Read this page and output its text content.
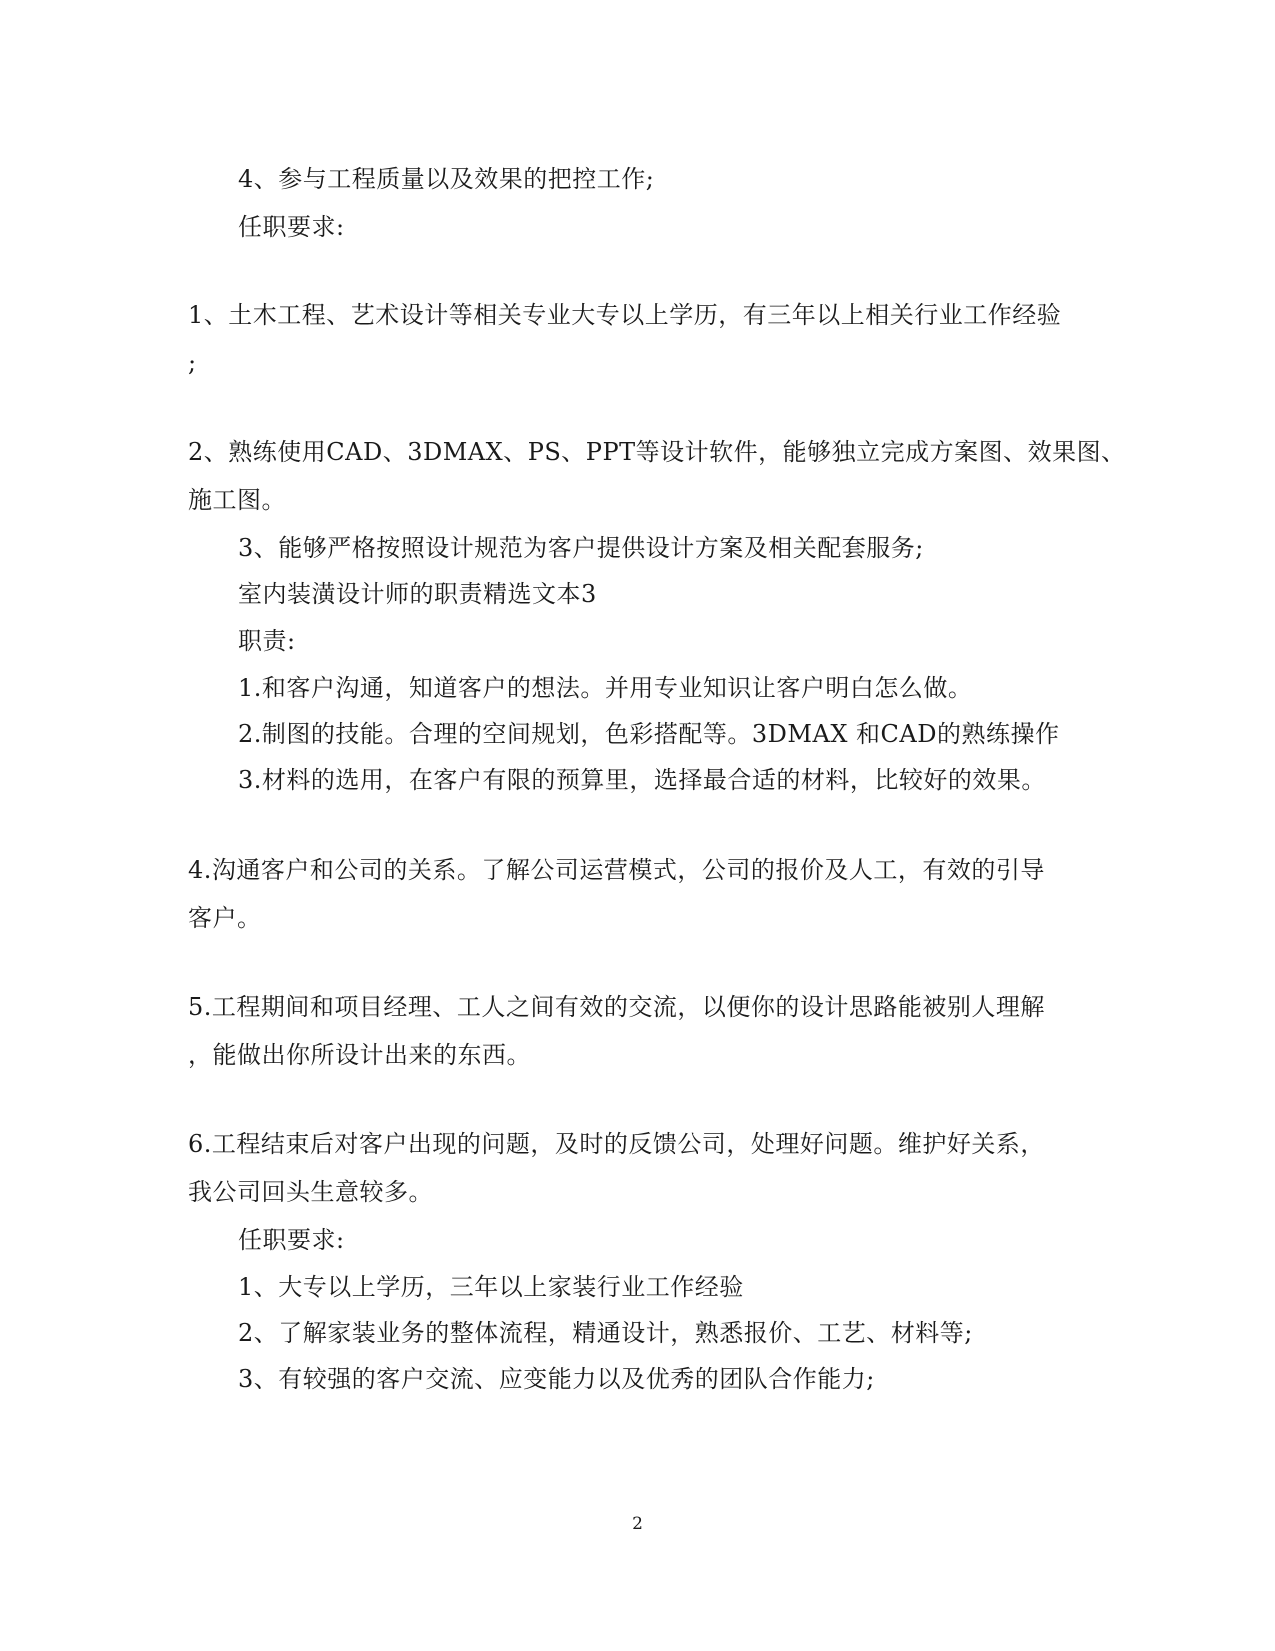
4、参与工程质量以及效果的把控工作;
任职要求:
1、土木工程、艺术设计等相关专业大专以上学历，有三年以上相关行业工作经验
;
2、熟练使用CAD、3DMAX、PS、PPT等设计软件，能够独立完成方案图、效果图、
施工图。
3、能够严格按照设计规范为客户提供设计方案及相关配套服务;
室内装潢设计师的职责精选文本3
职责:
1.和客户沟通，知道客户的想法。并用专业知识让客户明白怎么做。
2.制图的技能。合理的空间规划，色彩搭配等。3DMAX 和CAD的熟练操作
3.材料的选用，在客户有限的预算里，选择最合适的材料，比较好的效果。
4.沟通客户和公司的关系。了解公司运营模式，公司的报价及人工，有效的引导
客户。
5.工程期间和项目经理、工人之间有效的交流，以便你的设计思路能被别人理解
，能做出你所设计出来的东西。
6.工程结束后对客户出现的问题，及时的反馈公司，处理好问题。维护好关系，
我公司回头生意较多。
任职要求:
1、大专以上学历，三年以上家装行业工作经验
2、了解家装业务的整体流程，精通设计，熟悉报价、工艺、材料等;
3、有较强的客户交流、应变能力以及优秀的团队合作能力;
2
